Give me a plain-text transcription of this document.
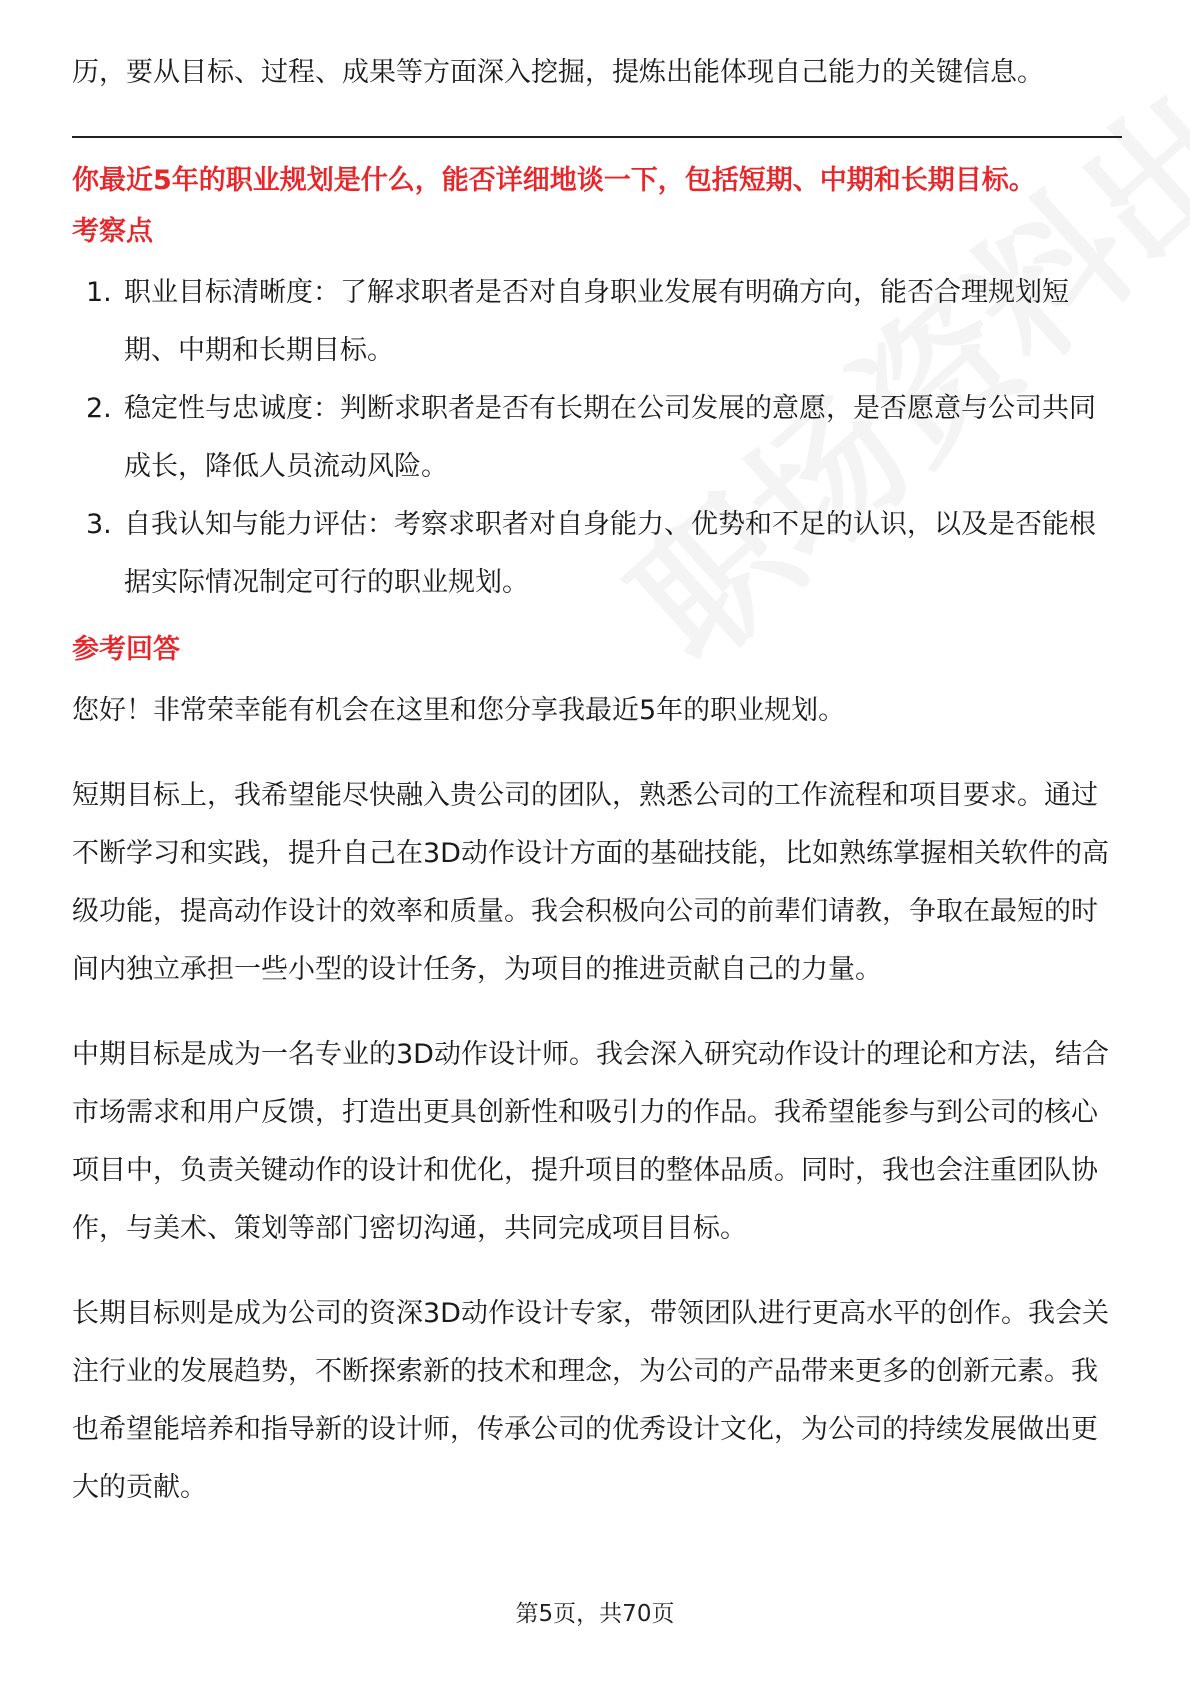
历，要从目标、过程、成果等方面深入挖掘，提炼出能体现自己能力的关键信息。

你最近5年的职业规划是什么，能否详细地谈一下，包括短期、中期和长期目标。

考察点
1. 职业目标清晰度：了解求职者是否对自身职业发展有明确方向，能否合理规划短期、中期和长期目标。
2. 稳定性与忠诚度：判断求职者是否有长期在公司发展的意愿，是否愿意与公司共同成长，降低人员流动风险。
3. 自我认知与能力评估：考察求职者对自身能力、优势和不足的认识，以及是否能根据实际情况制定可行的职业规划。
参考回答

您好！非常荣幸能有机会在这里和您分享我最近5年的职业规划。

短期目标上，我希望能尽快融入贵公司的团队，熟悉公司的工作流程和项目要求。通过不断学习和实践，提升自己在3D动作设计方面的基础技能，比如熟练掌握相关软件的高级功能，提高动作设计的效率和质量。我会积极向公司的前辈们请教，争取在最短的时间内独立承担一些小型的设计任务，为项目的推进贡献自己的力量。

中期目标是成为一名专业的3D动作设计师。我会深入研究动作设计的理论和方法，结合市场需求和用户反馈，打造出更具创新性和吸引力的作品。我希望能参与到公司的核心项目中，负责关键动作的设计和优化，提升项目的整体品质。同时，我也会注重团队协作，与美术、策划等部门密切沟通，共同完成项目目标。

长期目标则是成为公司的资深3D动作设计专家，带领团队进行更高水平的创作。我会关注行业的发展趋势，不断探索新的技术和理念，为公司的产品带来更多的创新元素。我也希望能培养和指导新的设计师，传承公司的优秀设计文化，为公司的持续发展做出更大的贡献。

第5页，共70页
